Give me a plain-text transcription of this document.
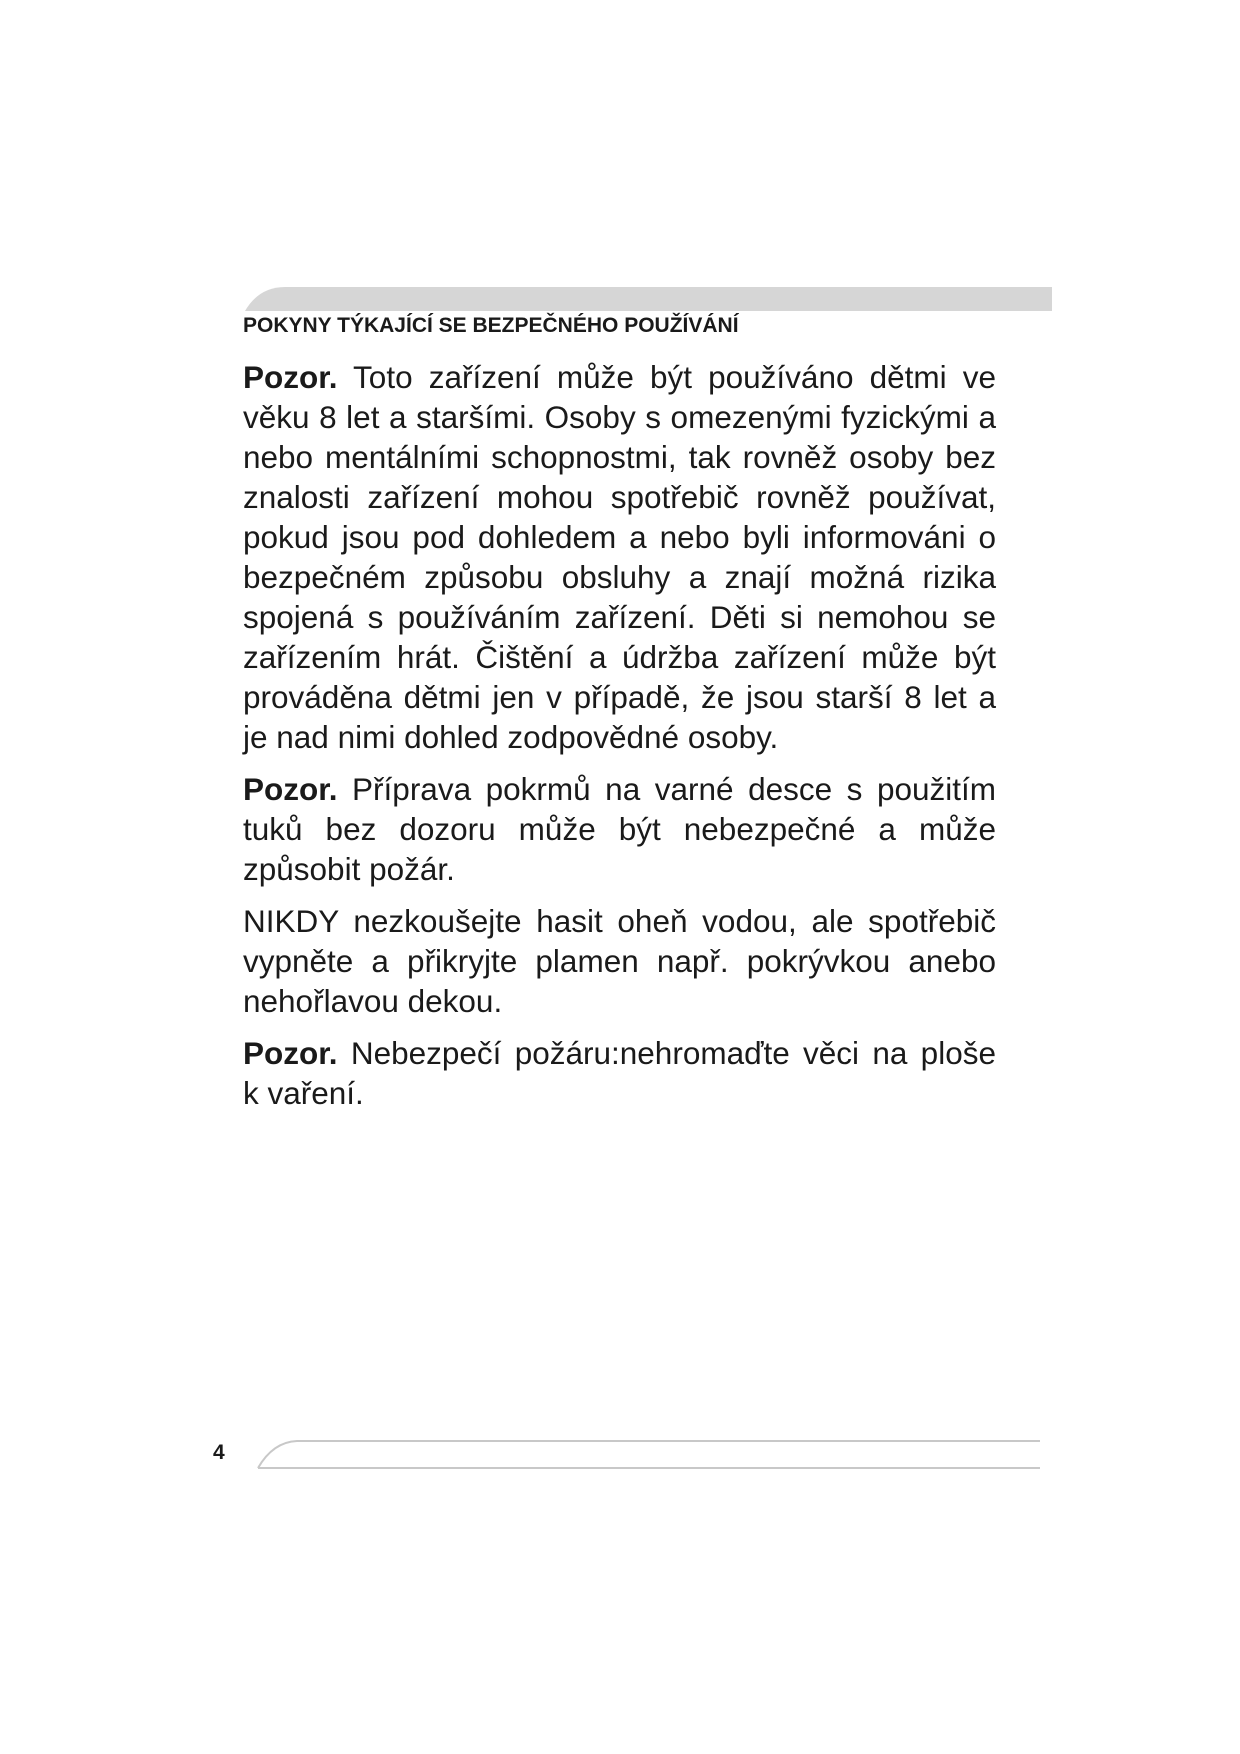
POKYNY TÝKAJÍCÍ SE BEZPEČNÉHO POUŽÍVÁNÍ

Pozor. Toto zařízení může být používáno dětmi ve věku 8 let a staršími. Osoby s omezenými fyzickými a nebo mentálními schopnostmi, tak rovněž osoby bez znalosti zařízení mohou spotřebič rovněž používat, pokud jsou pod dohledem a nebo byli informováni o bezpečném způsobu obsluhy a znají možná rizika spojená s používáním zařízení. Děti si nemohou se zařízením hrát. Čištění a údržba zařízení může být prováděna dětmi jen v případě, že jsou starší 8 let a je nad nimi dohled zodpovědné osoby.

Pozor. Příprava pokrmů na varné desce s použitím tuků bez dozoru může být nebezpečné a může způsobit požár.

NIKDY nezkoušejte hasit oheň vodou, ale spotřebič vypněte a přikryjte plamen např. pokrývkou anebo nehořlavou dekou.

Pozor. Nebezpečí požáru:nehromaďte věci na ploše k vaření.

4
